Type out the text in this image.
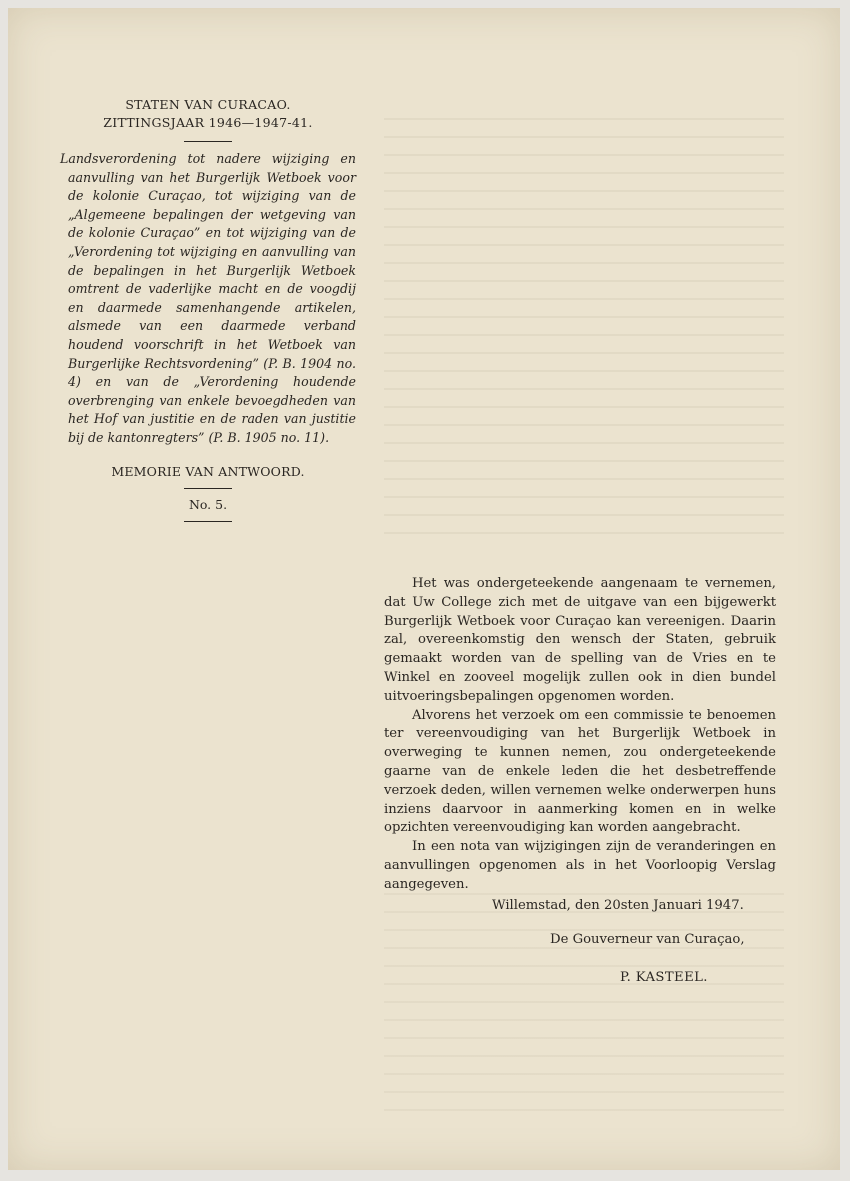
STATEN VAN CURACAO.
ZITTINGSJAAR 1946—1947-41.
Landsverordening tot nadere wijziging en aanvulling van het Burgerlijk Wetboek voor de kolonie Curaçao, tot wijziging van de „Algemeene bepalingen der wetgeving van de kolonie Curaçao” en tot wijziging van de „Verordening tot wijziging en aanvulling van de bepalingen in het Burgerlijk Wetboek omtrent de vaderlijke macht en de voogdij en daarmede samenhangende artikelen, alsmede van een daarmede verband houdend voorschrift in het Wetboek van Burgerlijke Rechtsvordening” (P. B. 1904 no. 4) en van de „Verordening houdende overbrenging van enkele bevoegdheden van het Hof van justitie en de raden van justitie bij de kantonregters” (P. B. 1905 no. 11).
MEMORIE VAN ANTWOORD.
No. 5.

Het was ondergeteekende aangenaam te vernemen, dat Uw College zich met de uitgave van een bijgewerkt Burgerlijk Wetboek voor Curaçao kan vereenigen. Daarin zal, overeenkomstig den wensch der Staten, gebruik gemaakt worden van de spelling van de Vries en te Winkel en zooveel mogelijk zullen ook in dien bundel uitvoeringsbepalingen opgenomen worden.

Alvorens het verzoek om een commissie te benoemen ter vereenvoudiging van het Burgerlijk Wetboek in overweging te kunnen nemen, zou ondergeteekende gaarne van de enkele leden die het desbetreffende verzoek deden, willen vernemen welke onderwerpen huns inziens daarvoor in aanmerking komen en in welke opzichten vereenvoudiging kan worden aangebracht.

In een nota van wijzigingen zijn de veranderingen en aanvullingen opgenomen als in het Voorloopig Verslag aangegeven.

Willemstad, den 20sten Januari 1947.
De Gouverneur van Curaçao,
P. KASTEEL.
